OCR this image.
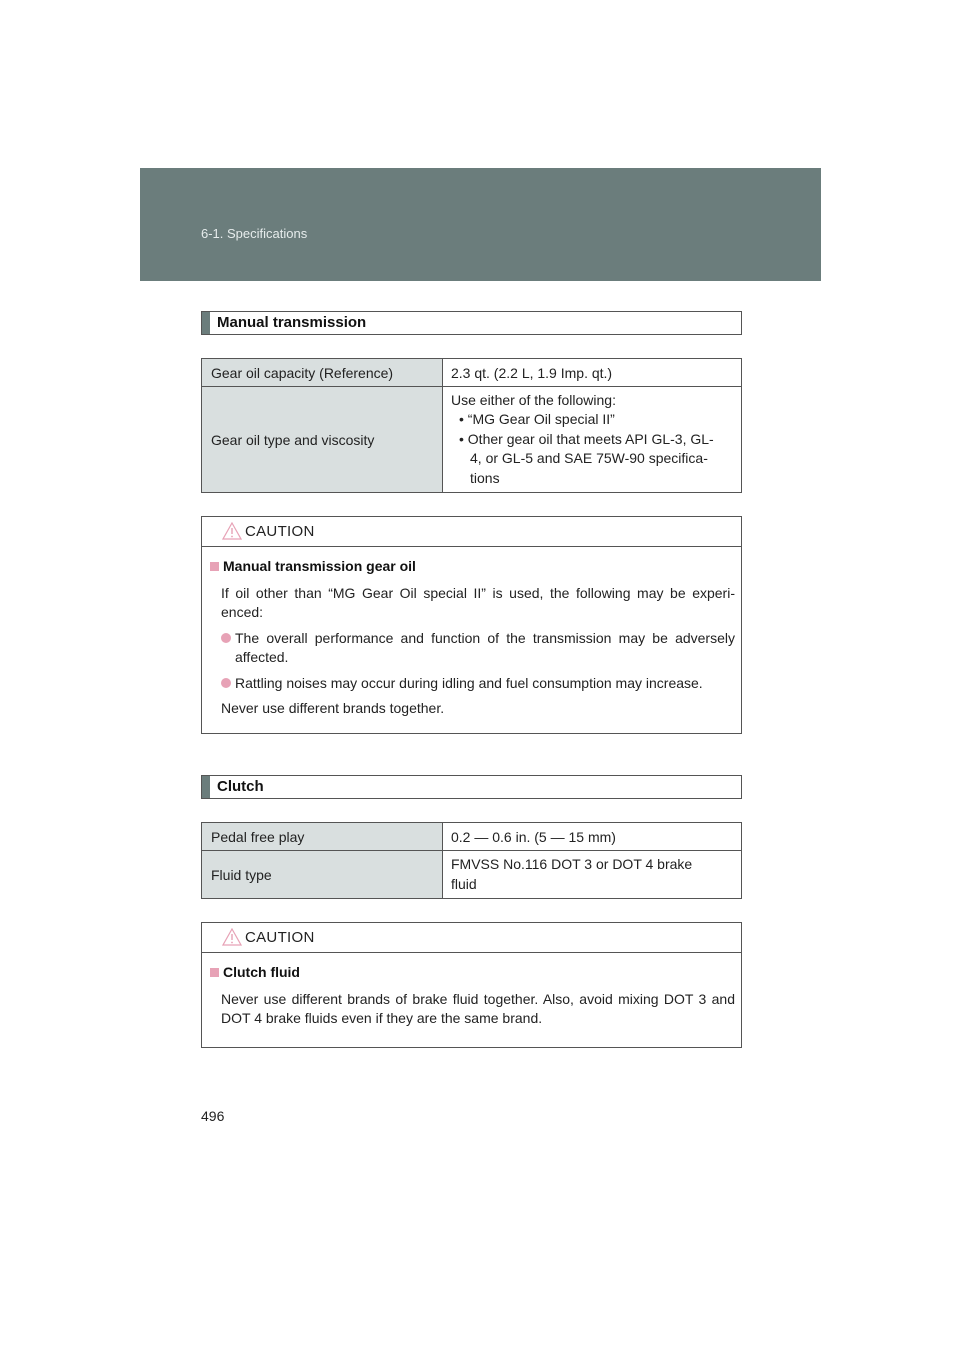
6-1. Specifications
Manual transmission
Gear oil capacity (Reference)	2.3 qt. (2.2 L, 1.9 Imp. qt.)
Gear oil type and viscosity	Use either of the following:
• “MG Gear Oil special II”
• Other gear oil that meets API GL-3, GL-
4, or GL-5 and SAE 75W-90 specifica-
tions
CAUTION
Manual transmission gear oil
If oil other than “MG Gear Oil special II” is used, the following may be experi-enced:
The overall performance and function of the transmission may be adversely affected.
Rattling noises may occur during idling and fuel consumption may increase.
Never use different brands together.
Clutch
Pedal free play	0.2 — 0.6 in. (5 — 15 mm)
Fluid type	FMVSS No.116 DOT 3 or DOT 4 brake fluid
CAUTION
Clutch fluid
Never use different brands of brake fluid together. Also, avoid mixing DOT 3 and DOT 4 brake fluids even if they are the same brand.
496
